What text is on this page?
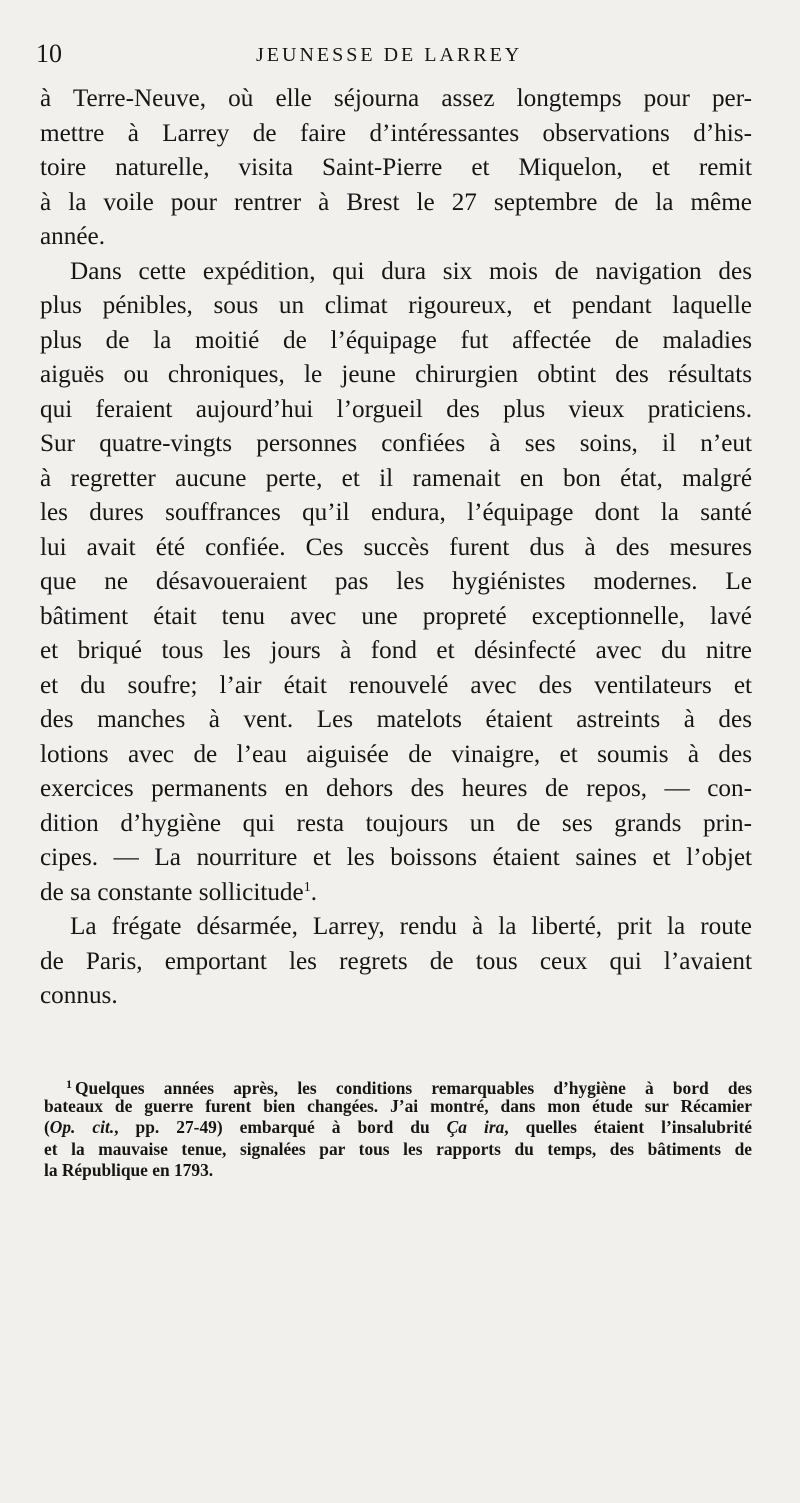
10	JEUNESSE DE LARREY
à Terre-Neuve, où elle séjourna assez longtemps pour per-
mettre à Larrey de faire d’intéressantes observations d’his-
toire naturelle, visita Saint-Pierre et Miquelon, et remit
à la voile pour rentrer à Brest le 27 septembre de la même
année.
Dans cette expédition, qui dura six mois de navigation des
plus pénibles, sous un climat rigoureux, et pendant laquelle
plus de la moitié de l’équipage fut affectée de maladies
aiguës ou chroniques, le jeune chirurgien obtint des résultats
qui feraient aujourd’hui l’orgueil des plus vieux praticiens.
Sur quatre-vingts personnes confiées à ses soins, il n’eut
à regretter aucune perte, et il ramenait en bon état, malgré
les dures souffrances qu’il endura, l’équipage dont la santé
lui avait été confiée. Ces succès furent dus à des mesures
que ne désavoueraient pas les hygiénistes modernes. Le
bâtiment était tenu avec une propreté exceptionnelle, lavé
et briqué tous les jours à fond et désinfecté avec du nitre
et du soufre; l’air était renouvelé avec des ventilateurs et
des manches à vent. Les matelots étaient astreints à des
lotions avec de l’eau aiguisée de vinaigre, et soumis à des
exercices permanents en dehors des heures de repos, — con-
dition d’hygiène qui resta toujours un de ses grands prin-
cipes. — La nourriture et les boissons étaient saines et l’objet
de sa constante sollicitude$^1$.
La frégate désarmée, Larrey, rendu à la liberté, prit la route
de Paris, emportant les regrets de tous ceux qui l’avaient
connus.
$^1$ Quelques années après, les conditions remarquables d’hygiène à bord des
bateaux de guerre furent bien changées. J’ai montré, dans mon étude sur Récamier
(Op. cit., pp. 27-49) embarqué à bord du Ça ira, quelles étaient l’insalubrité
et la mauvaise tenue, signalées par tous les rapports du temps, des bâtiments de
la République en 1793.
